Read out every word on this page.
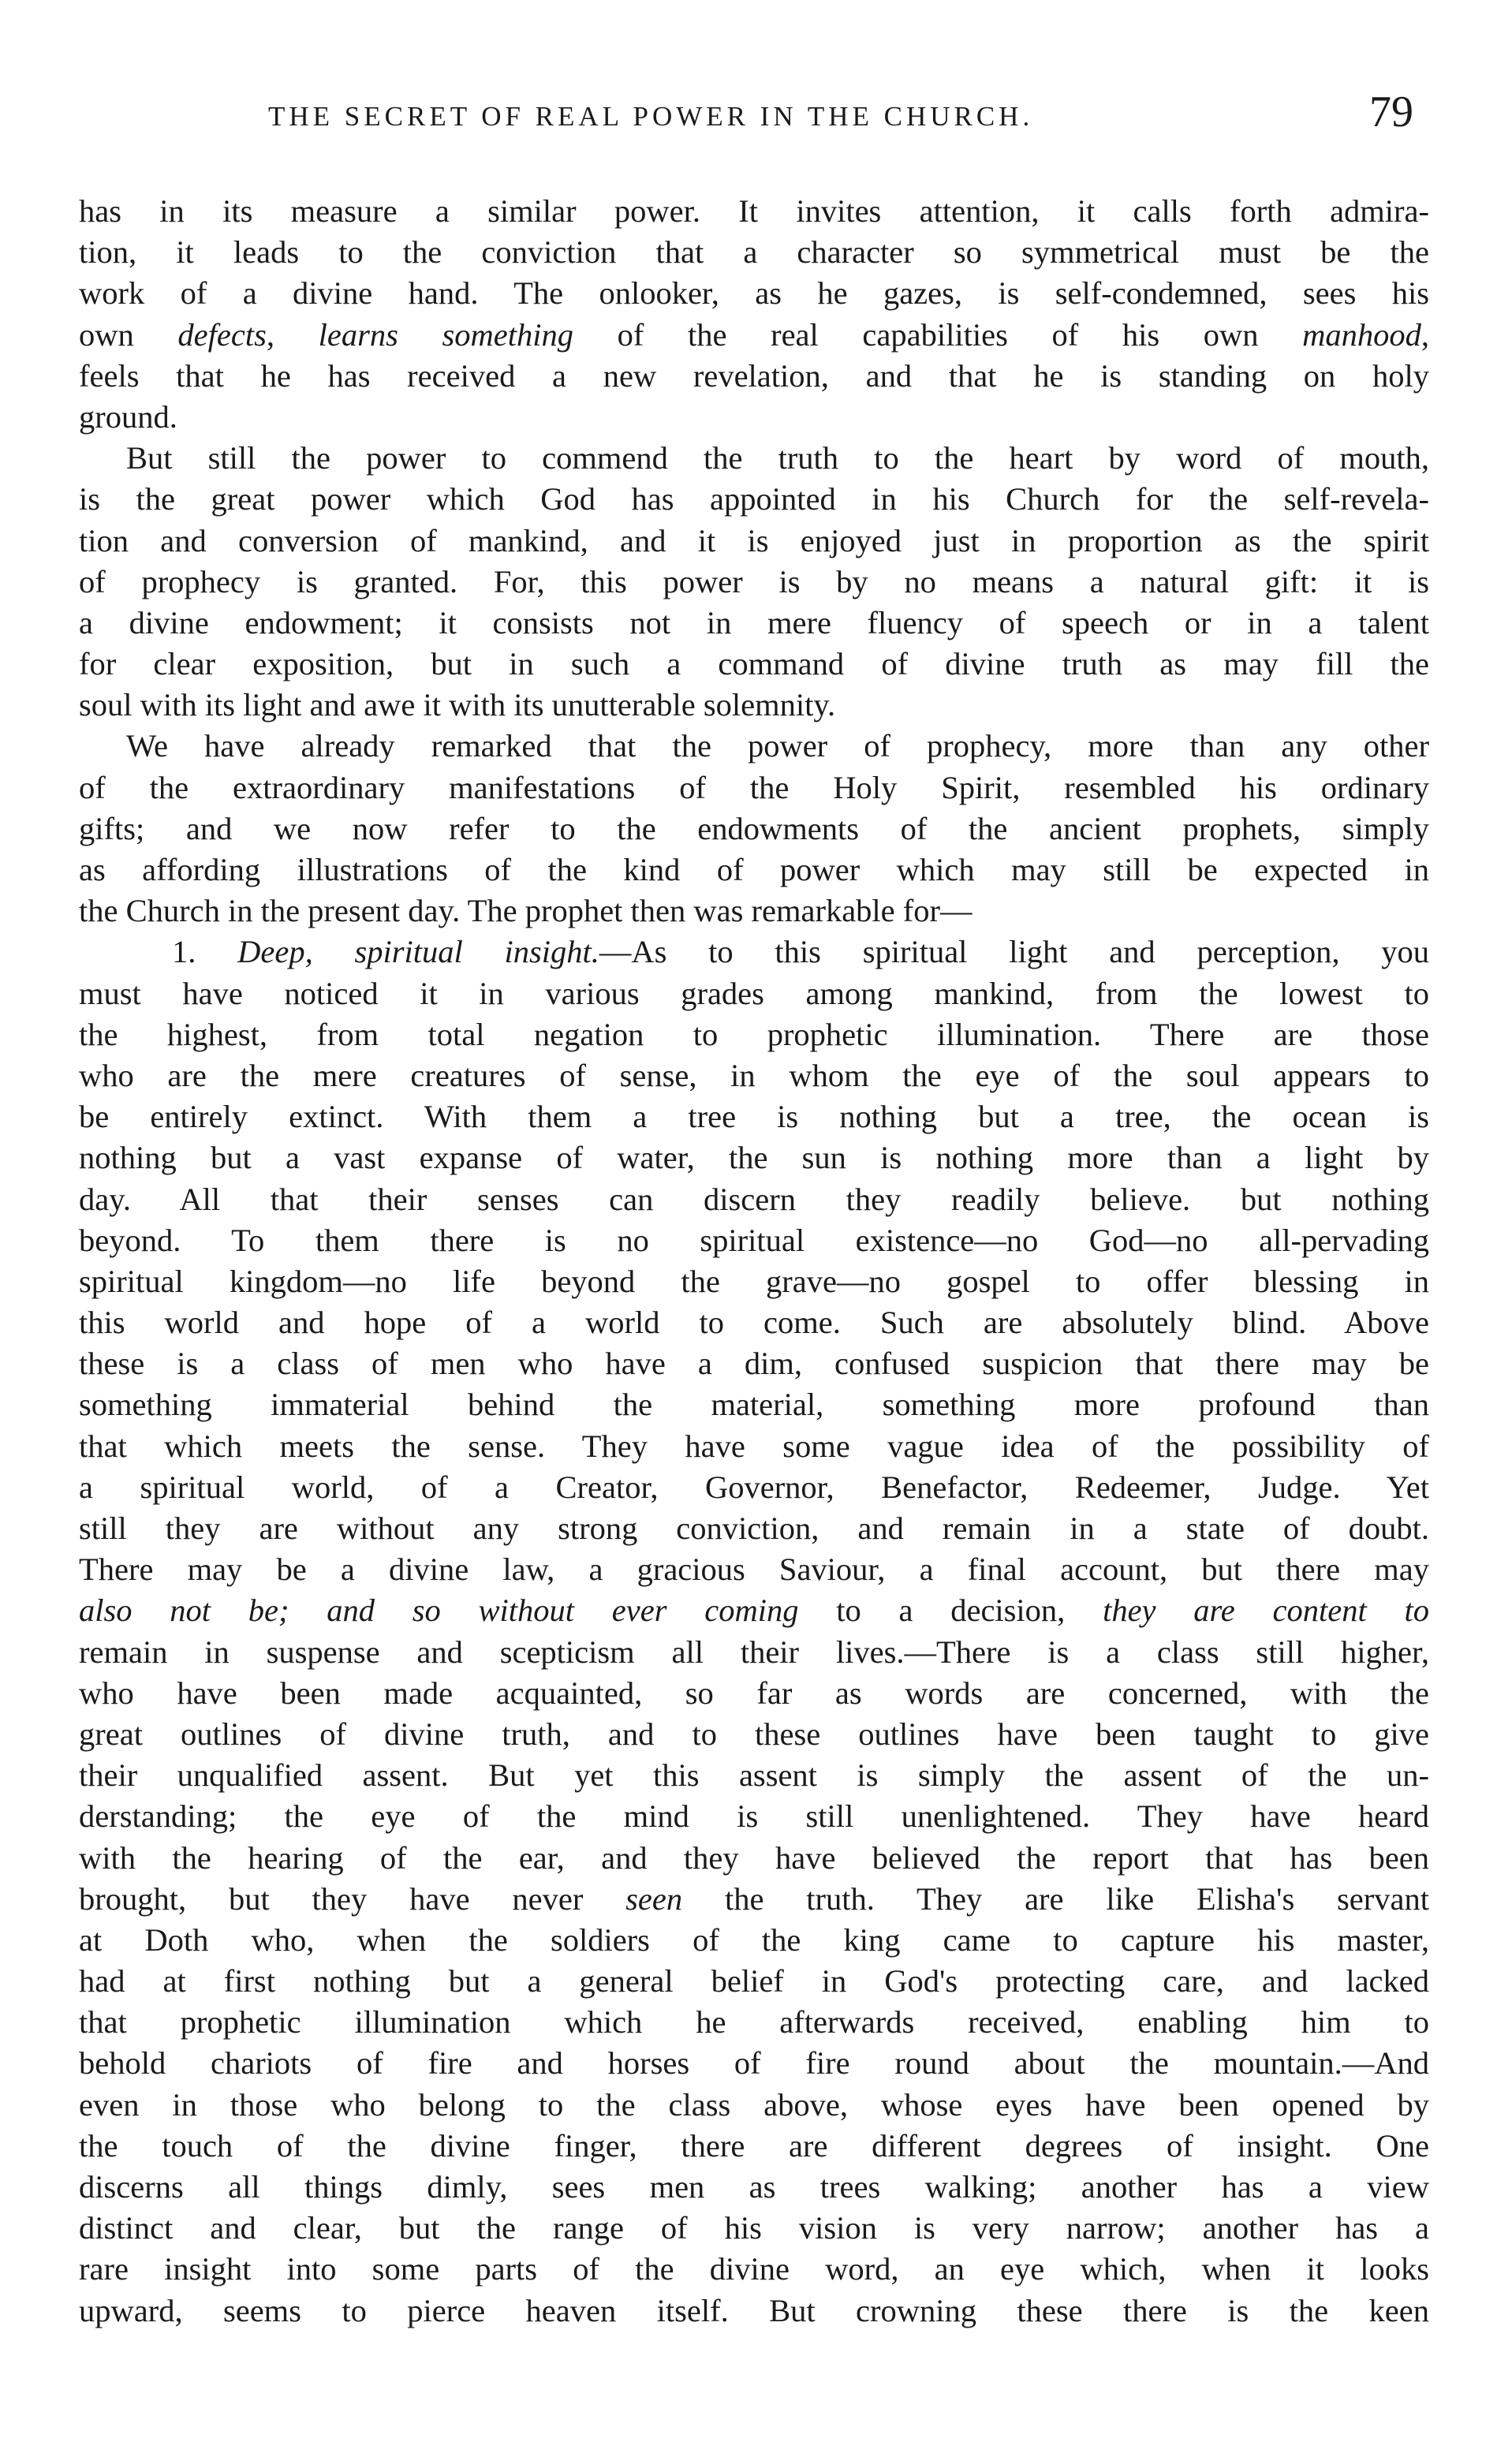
THE SECRET OF REAL POWER IN THE CHURCH.	79
has in its measure a similar power. It invites attention, it calls forth admira-
tion, it leads to the conviction that a character so symmetrical must be the
work of a divine hand. The onlooker, as he gazes, is self-condemned, sees his
own defects, learns something of the real capabilities of his own manhood,
feels that he has received a new revelation, and that he is standing on holy
ground.
But still the power to commend the truth to the heart by word of mouth,
is the great power which God has appointed in his Church for the self-revela-
tion and conversion of mankind, and it is enjoyed just in proportion as the spirit
of prophecy is granted. For, this power is by no means a natural gift: it is
a divine endowment; it consists not in mere fluency of speech or in a talent
for clear exposition, but in such a command of divine truth as may fill the
soul with its light and awe it with its unutterable solemnity.
We have already remarked that the power of prophecy, more than any other
of the extraordinary manifestations of the Holy Spirit, resembled his ordinary
gifts; and we now refer to the endowments of the ancient prophets, simply
as affording illustrations of the kind of power which may still be expected in
the Church in the present day. The prophet then was remarkable for—
1. Deep, spiritual insight.—As to this spiritual light and perception, you
must have noticed it in various grades among mankind, from the lowest to
the highest, from total negation to prophetic illumination. There are those
who are the mere creatures of sense, in whom the eye of the soul appears to
be entirely extinct. With them a tree is nothing but a tree, the ocean is
nothing but a vast expanse of water, the sun is nothing more than a light by
day. All that their senses can discern they readily believe. but nothing
beyond. To them there is no spiritual existence—no God—no all-pervading
spiritual kingdom—no life beyond the grave—no gospel to offer blessing in
this world and hope of a world to come. Such are absolutely blind. Above
these is a class of men who have a dim, confused suspicion that there may be
something immaterial behind the material, something more profound than
that which meets the sense. They have some vague idea of the possibility of
a spiritual world, of a Creator, Governor, Benefactor, Redeemer, Judge. Yet
still they are without any strong conviction, and remain in a state of doubt.
There may be a divine law, a gracious Saviour, a final account, but there may
also not be; and so without ever coming to a decision, they are content to
remain in suspense and scepticism all their lives.—There is a class still higher,
who have been made acquainted, so far as words are concerned, with the
great outlines of divine truth, and to these outlines have been taught to give
their unqualified assent. But yet this assent is simply the assent of the un-
derstanding; the eye of the mind is still unenlightened. They have heard
with the hearing of the ear, and they have believed the report that has been
brought, but they have never seen the truth. They are like Elisha's servant
at Doth who, when the soldiers of the king came to capture his master,
had at first nothing but a general belief in God's protecting care, and lacked
that prophetic illumination which he afterwards received, enabling him to
behold chariots of fire and horses of fire round about the mountain.—And
even in those who belong to the class above, whose eyes have been opened by
the touch of the divine finger, there are different degrees of insight. One
discerns all things dimly, sees men as trees walking; another has a view
distinct and clear, but the range of his vision is very narrow; another has a
rare insight into some parts of the divine word, an eye which, when it looks
upward, seems to pierce heaven itself. But crowning these there is the keen
